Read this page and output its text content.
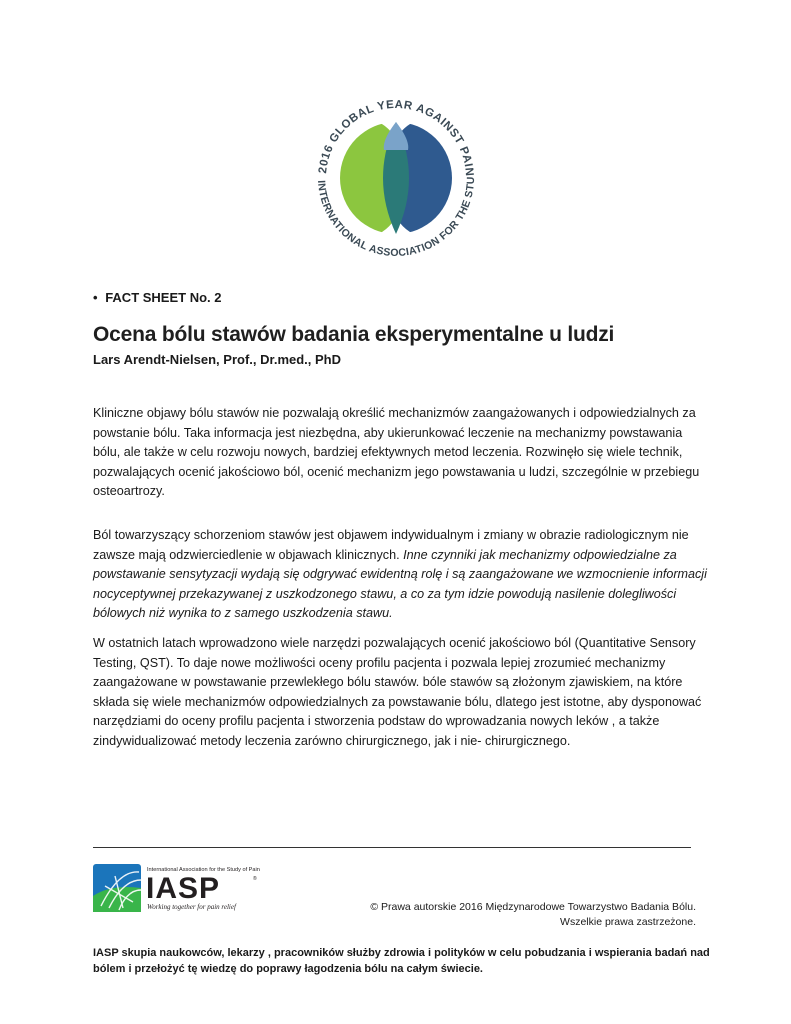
2016 GLOBAL YEAR AGAINST PAIN
INTERNATIONAL ASSOCIATION FOR THE STU
• FACT SHEET No. 2
Ocena bólu stawów badania eksperymentalne u ludzi
Lars Arendt-Nielsen, Prof., Dr.med., PhD
Kliniczne objawy bólu stawów nie pozwalają określić mechanizmów zaangażowanych i odpowiedzialnych za powstanie bólu. Taka informacja jest niezbędna, aby ukierunkować leczenie na mechanizmy powstawania bólu, ale także w celu rozwoju nowych, bardziej efektywnych metod leczenia. Rozwinęło się wiele technik, pozwalających ocenić jakościowo ból, ocenić mechanizm jego powstawania u ludzi, szczególnie w przebiegu osteoartrozy.
Ból towarzyszący schorzeniom stawów jest objawem indywidualnym i zmiany w obrazie radiologicznym nie zawsze mają odzwierciedlenie w objawach klinicznych. Inne czynniki jak mechanizmy odpowiedzialne za powstawanie sensytyzacji wydają się odgrywać ewidentną rolę i są zaangażowane we wzmocnienie informacji nocyceptywnej przekazywanej z uszkodzonego stawu, a co za tym idzie powodują nasilenie dolegliwości bólowych niż wynika to z samego uszkodzenia stawu.
W ostatnich latach wprowadzono wiele narzędzi pozwalających ocenić jakościowo ból (Quantitative Sensory Testing, QST). To daje nowe możliwości oceny profilu pacjenta i pozwala lepiej zrozumieć mechanizmy zaangażowane w powstawanie przewlekłego bólu stawów. bóle stawów są złożonym zjawiskiem, na które składa się wiele mechanizmów odpowiedzialnych za powstawanie bólu, dlatego jest istotne, aby dysponować narzędziami do oceny profilu pacjenta i stworzenia podstaw do wprowadzania nowych leków , a także zindywidualizować metody leczenia zarówno chirurgicznego, jak i nie- chirurgicznego.
International Association for the Study of Pain
IASP	®
Working together for pain relief	© Prawa autorskie 2016 Międzynarodowe Towarzystwo Badania Bólu.
Wszelkie prawa zastrzeżone.
IASP skupia naukowców, lekarzy , pracowników służby zdrowia i polityków w celu pobudzania i wspierania badań nad bólem i przełożyć tę wiedzę do poprawy łagodzenia bólu na całym świecie.
